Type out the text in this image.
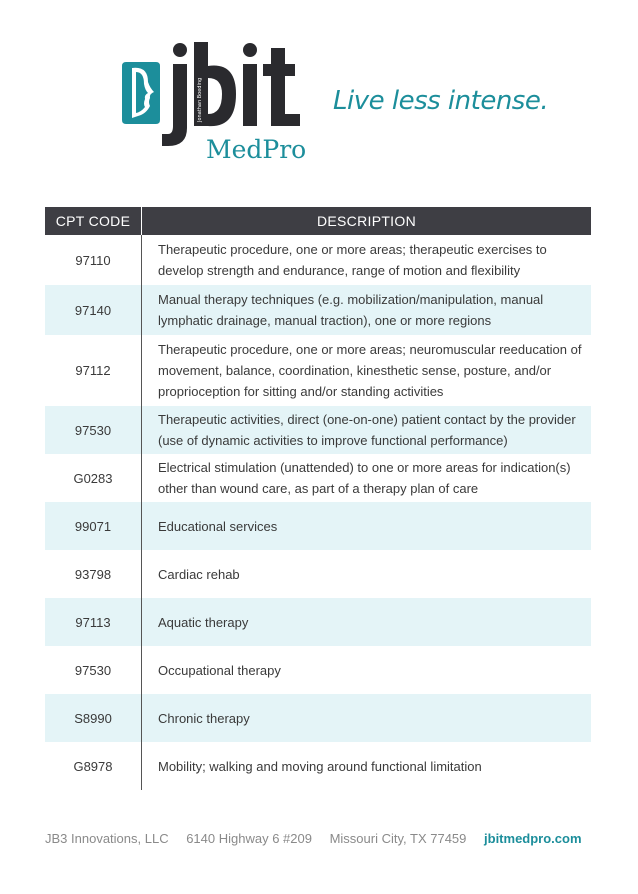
Jonathan Boeding
MedPro
Live less intense.
CPT CODE	DESCRIPTION
97110	Therapeutic procedure, one or more areas; therapeutic exercises to develop strength and endurance, range of motion and flexibility
97140	Manual therapy techniques (e.g. mobilization/manipulation, manual lymphatic drainage, manual traction), one or more regions
97112	Therapeutic procedure, one or more areas; neuromuscular reeducation of movement, balance, coordination, kinesthetic sense, posture, and/or proprioception for sitting and/or standing activities
97530	Therapeutic activities, direct (one-on-one) patient contact by the provider (use of dynamic activities to improve functional performance)
G0283	Electrical stimulation (unattended) to one or more areas for indication(s) other than wound care, as part of a therapy plan of care
99071	Educational services
93798	Cardiac rehab
97113	Aquatic therapy
97530	Occupational therapy
S8990	Chronic therapy
G8978	Mobility; walking and moving around functional limitation
JB3 Innovations, LLC 6140 Highway 6 #209 Missouri City, TX 77459 jbitmedpro.com
